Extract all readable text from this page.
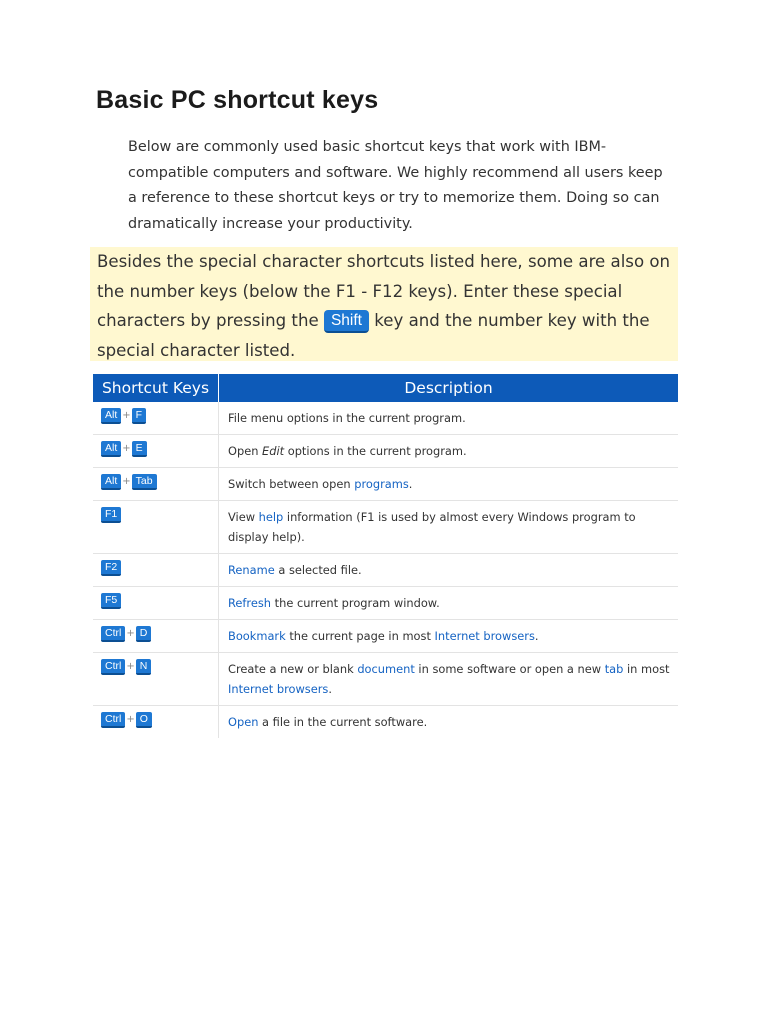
Basic PC shortcut keys

Below are commonly used basic shortcut keys that work with IBM-compatible computers and software. We highly recommend all users keep a reference to these shortcut keys or try to memorize them. Doing so can dramatically increase your productivity.

Besides the special character shortcuts listed here, some are also on the number keys (below the F1 - F12 keys). Enter these special characters by pressing the Shift key and the number key with the special character listed.

Shortcut Keys	Description
Alt + F	File menu options in the current program.
Alt + E	Open Edit options in the current program.
Alt + Tab	Switch between open programs.
F1	View help information (F1 is used by almost every Windows program to display help).
F2	Rename a selected file.
F5	Refresh the current program window.
Ctrl + D	Bookmark the current page in most Internet browsers.
Ctrl + N	Create a new or blank document in some software or open a new tab in most Internet browsers.
Ctrl + O	Open a file in the current software.
